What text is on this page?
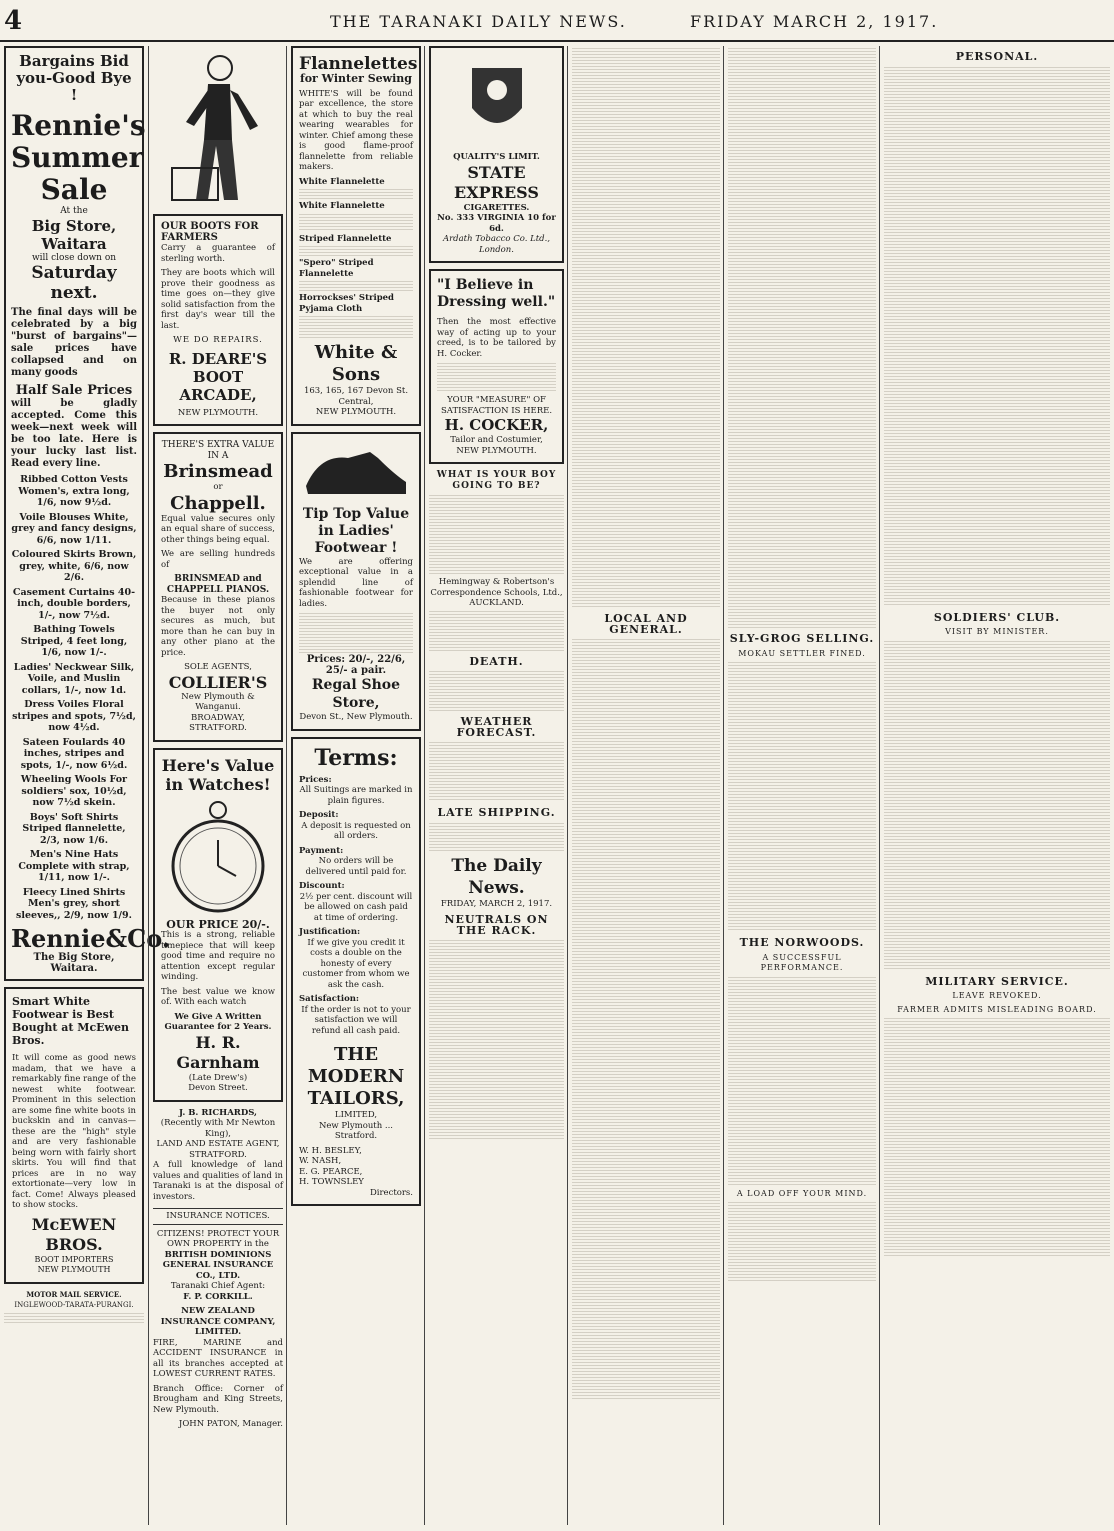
4	THE TARANAKI DAILY NEWS.	FRIDAY MARCH 2, 1917.
Bargains Bid you-Good Bye !
Rennie's
Summer
Sale
At the
Big Store, Waitara
will close down on
Saturday next.

The final days will be celebrated by a big "burst of bargains"—sale prices have collapsed and on many goods

Half Sale Prices

will be gladly accepted. Come this week—next week will be too late. Here is your lucky last list. Read every line.

Ribbed Cotton Vests Women's, extra long, 1/6, now 9½d.
Voile Blouses White, grey and fancy designs, 6/6, now 1/11.
Coloured Skirts Brown, grey, white, 6/6, now 2/6.
Casement Curtains 40-inch, double borders, 1/-, now 7½d.
Bathing Towels Striped, 4 feet long, 1/6, now 1/-.
Ladies' Neckwear Silk, Voile, and Muslin collars, 1/-, now 1d.
Dress Voiles Floral stripes and spots, 7½d, now 4½d.
Sateen Foulards 40 inches, stripes and spots, 1/-, now 6½d.
Wheeling Wools For soldiers' sox, 10½d, now 7½d skein.
Boys' Soft Shirts Striped flannelette, 2/3, now 1/6.
Men's Nine Hats Complete with strap, 1/11, now 1/-.
Fleecy Lined Shirts Men's grey, short sleeves,, 2/9, now 1/9.
Rennie&Co.
The Big Store, Waitara.
Smart White Footwear is Best Bought at McEwen Bros.

It will come as good news madam, that we have a remarkably fine range of the newest white footwear. Prominent in this selection are some fine white boots in buckskin and in canvas—these are the "high" style and are very fashionable being worn with fairly short skirts. You will find that prices are in no way extortionate—very low in fact. Come! Always pleased to show stocks.

McEWEN BROS.
BOOT IMPORTERS
NEW PLYMOUTH
MOTOR MAIL SERVICE.
INGLEWOOD-TARATA-PURANGI.
OUR BOOTS FOR FARMERS

Carry a guarantee of sterling worth.

They are boots which will prove their goodness as time goes on—they give solid satisfaction from the first day's wear till the last.

WE DO REPAIRS.
R. DEARE'S BOOT ARCADE,
NEW PLYMOUTH.
THERE'S EXTRA VALUE IN A
Brinsmead
or
Chappell.

Equal value secures only an equal share of success, other things being equal.

We are selling hundreds of

BRINSMEAD and CHAPPELL PIANOS.

Because in these pianos the buyer not only secures as much, but more than he can buy in any other piano at the price.

SOLE AGENTS,
COLLIER'S
New Plymouth & Wanganui.
BROADWAY, STRATFORD.
Here's Value in Watches!
OUR PRICE 20/-.

This is a strong, reliable timepiece that will keep good time and require no attention except regular winding.

The best value we know of. With each watch

We Give A Written Guarantee for 2 Years.
H. R. Garnham
(Late Drew's)
Devon Street.
J. B. RICHARDS,
(Recently with Mr Newton King),
LAND AND ESTATE AGENT,
STRATFORD.

A full knowledge of land values and qualities of land in Taranaki is at the disposal of investors.

INSURANCE NOTICES.
CITIZENS! PROTECT YOUR OWN PROPERTY in the
BRITISH DOMINIONS GENERAL INSURANCE CO., LTD.
Taranaki Chief Agent:
F. P. CORKILL.
NEW ZEALAND INSURANCE COMPANY, LIMITED.

FIRE, MARINE and ACCIDENT INSURANCE in all its branches accepted at LOWEST CURRENT RATES.

Branch Office: Corner of Brougham and King Streets, New Plymouth.

JOHN PATON, Manager.
Flannelettes
for Winter Sewing

WHITE'S will be found par excellence, the store at which to buy the real wearing wearables for winter. Chief among these is good flame-proof flannelette from reliable makers.

White Flannelette
White Flannelette
Striped Flannelette
"Spero" Striped Flannelette
Horrockses' Striped Pyjama Cloth
White & Sons
163, 165, 167 Devon St. Central,
NEW PLYMOUTH.
Tip Top Value in Ladies' Footwear !

We are offering exceptional value in a splendid line of fashionable footwear for ladies.

Prices: 20/-, 22/6, 25/- a pair.
Regal Shoe Store,
Devon St., New Plymouth.
Terms:
Prices:
All Suitings are marked in plain figures.
Deposit:
A deposit is requested on all orders.
Payment:
No orders will be delivered until paid for.
Discount:
2½ per cent. discount will be allowed on cash paid at time of ordering.
Justification:
If we give you credit it costs a double on the honesty of every customer from whom we ask the cash.
Satisfaction:
If the order is not to your satisfaction we will refund all cash paid.
THE MODERN TAILORS,
LIMITED,
New Plymouth ... Stratford.
W. H. BESLEY,
W. NASH,
E. G. PEARCE,
H. TOWNSLEY
Directors.
QUALITY'S LIMIT.
STATE EXPRESS
CIGARETTES.
No. 333 VIRGINIA 10 for 6d.
Ardath Tobacco Co. Ltd., London.
"I Believe in Dressing well."

Then the most effective way of acting up to your creed, is to be tailored by H. Cocker.

YOUR "MEASURE" OF SATISFACTION IS HERE.
H. COCKER,
Tailor and Costumier,
NEW PLYMOUTH.
WHAT IS YOUR BOY GOING TO BE?
Hemingway & Robertson's Correspondence Schools, Ltd., AUCKLAND.
DEATH.
WEATHER FORECAST.
LATE SHIPPING.
The Daily News.
FRIDAY, MARCH 2, 1917.
NEUTRALS ON THE RACK.
LOCAL AND GENERAL.
SLY-GROG SELLING.
MOKAU SETTLER FINED.
THE NORWOODS.
A SUCCESSFUL PERFORMANCE.
A LOAD OFF YOUR MIND.
PERSONAL.
SOLDIERS' CLUB.
VISIT BY MINISTER.
MILITARY SERVICE.
LEAVE REVOKED.
FARMER ADMITS MISLEADING BOARD.
